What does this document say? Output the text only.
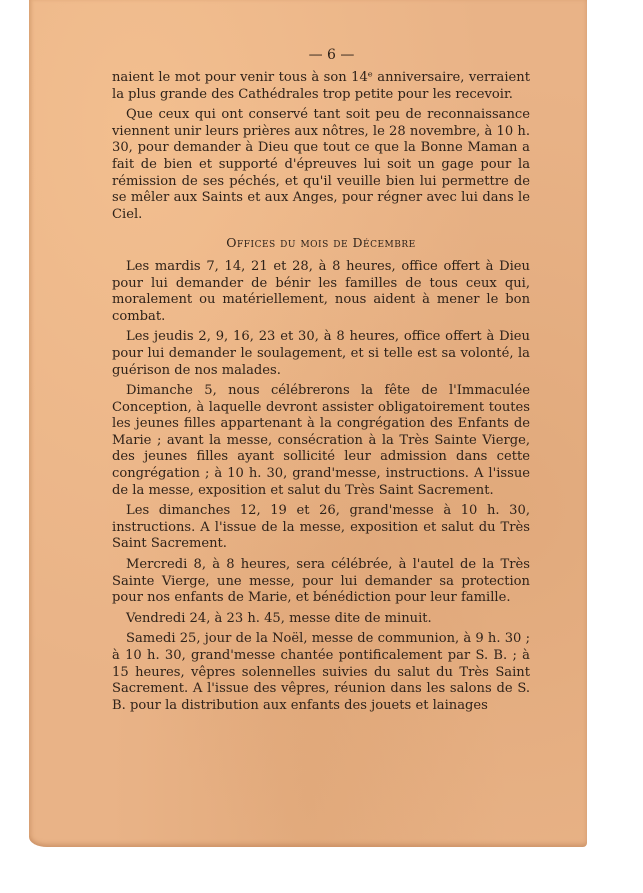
— 6 —

naient le mot pour venir tous à son 14ᵉ anniversaire, verraient la plus grande des Cathédrales trop petite pour les recevoir.

Que ceux qui ont conservé tant soit peu de reconnaissance viennent unir leurs prières aux nôtres, le 28 novembre, à 10 h. 30, pour demander à Dieu que tout ce que la Bonne Maman a fait de bien et supporté d'épreuves lui soit un gage pour la rémission de ses péchés, et qu'il veuille bien lui permettre de se mêler aux Saints et aux Anges, pour régner avec lui dans le Ciel.

Offices du mois de Décembre

Les mardis 7, 14, 21 et 28, à 8 heures, office offert à Dieu pour lui demander de bénir les familles de tous ceux qui, moralement ou matériellement, nous aident à mener le bon combat.

Les jeudis 2, 9, 16, 23 et 30, à 8 heures, office offert à Dieu pour lui demander le soulagement, et si telle est sa volonté, la guérison de nos malades.

Dimanche 5, nous célébrerons la fête de l'Immaculée Conception, à laquelle devront assister obligatoirement toutes les jeunes filles appartenant à la congrégation des Enfants de Marie ; avant la messe, consécration à la Très Sainte Vierge, des jeunes filles ayant sollicité leur admission dans cette congrégation ; à 10 h. 30, grand'messe, instructions. A l'issue de la messe, exposition et salut du Très Saint Sacrement.

Les dimanches 12, 19 et 26, grand'messe à 10 h. 30, instructions. A l'issue de la messe, exposition et salut du Très Saint Sacrement.

Mercredi 8, à 8 heures, sera célébrée, à l'autel de la Très Sainte Vierge, une messe, pour lui demander sa protection pour nos enfants de Marie, et bénédiction pour leur famille.

Vendredi 24, à 23 h. 45, messe dite de minuit.

Samedi 25, jour de la Noël, messe de communion, à 9 h. 30 ; à 10 h. 30, grand'messe chantée pontificalement par S. B. ; à 15 heures, vêpres solennelles suivies du salut du Très Saint Sacrement. A l'issue des vêpres, réunion dans les salons de S. B. pour la distribution aux enfants des jouets et lainages
